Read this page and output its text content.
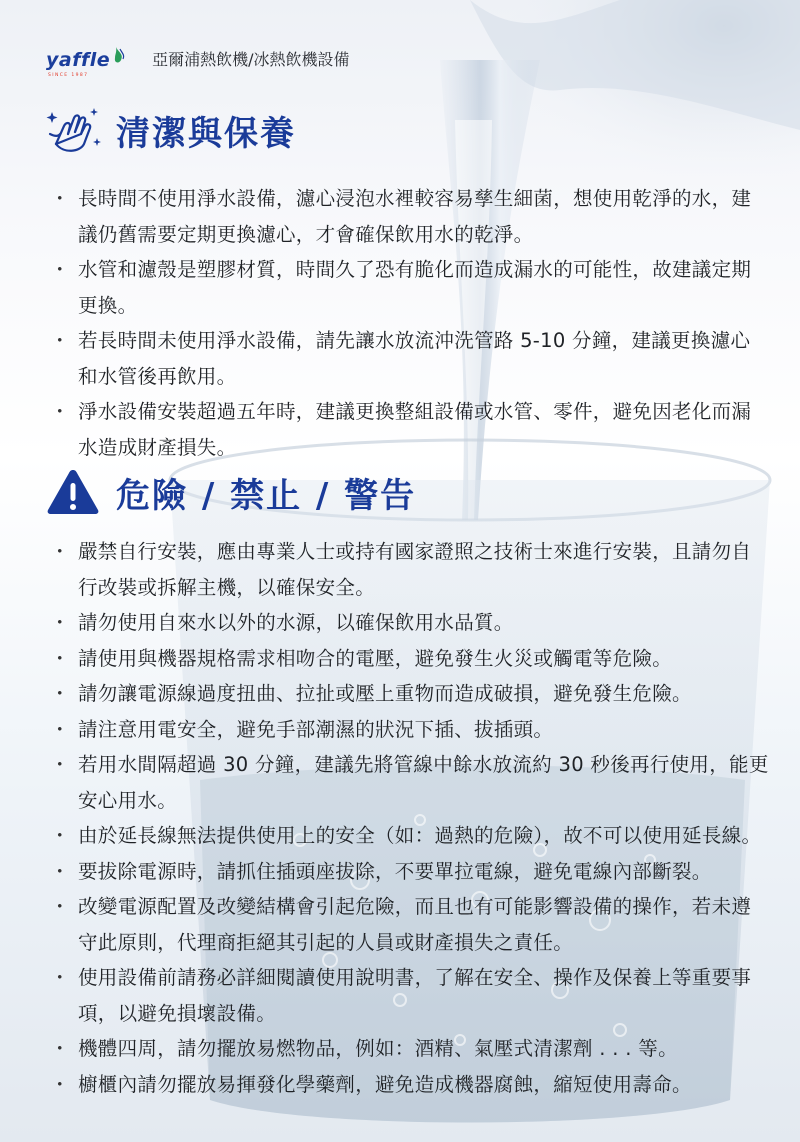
yaffle
SINCE 1987
亞爾浦熱飲機/冰熱飲機設備
清潔與保養
・ 長時間不使用淨水設備，濾心浸泡水裡較容易孳生細菌，想使用乾淨的水，建議仍舊需要定期更換濾心，才會確保飲用水的乾淨。
・ 水管和濾殼是塑膠材質，時間久了恐有脆化而造成漏水的可能性，故建議定期更換。
・ 若長時間未使用淨水設備，請先讓水放流沖洗管路 5-10 分鐘，建議更換濾心和水管後再飲用。
・ 淨水設備安裝超過五年時，建議更換整組設備或水管、零件，避免因老化而漏水造成財產損失。
危險 / 禁止 / 警告
・ 嚴禁自行安裝，應由專業人士或持有國家證照之技術士來進行安裝，且請勿自行改裝或拆解主機，以確保安全。
・ 請勿使用自來水以外的水源，以確保飲用水品質。
・ 請使用與機器規格需求相吻合的電壓，避免發生火災或觸電等危險。
・ 請勿讓電源線過度扭曲、拉扯或壓上重物而造成破損，避免發生危險。
・ 請注意用電安全，避免手部潮濕的狀況下插、拔插頭。
・ 若用水間隔超過 30 分鐘，建議先將管線中餘水放流約 30 秒後再行使用，能更安心用水。
・ 由於延長線無法提供使用上的安全（如：過熱的危險），故不可以使用延長線。
・ 要拔除電源時，請抓住插頭座拔除，不要單拉電線，避免電線內部斷裂。
・ 改變電源配置及改變結構會引起危險，而且也有可能影響設備的操作，若未遵守此原則，代理商拒絕其引起的人員或財產損失之責任。
・ 使用設備前請務必詳細閱讀使用說明書，了解在安全、操作及保養上等重要事項，以避免損壞設備。
・ 機體四周，請勿擺放易燃物品，例如：酒精、氣壓式清潔劑 . . . 等。
・ 櫥櫃內請勿擺放易揮發化學藥劑，避免造成機器腐蝕，縮短使用壽命。
